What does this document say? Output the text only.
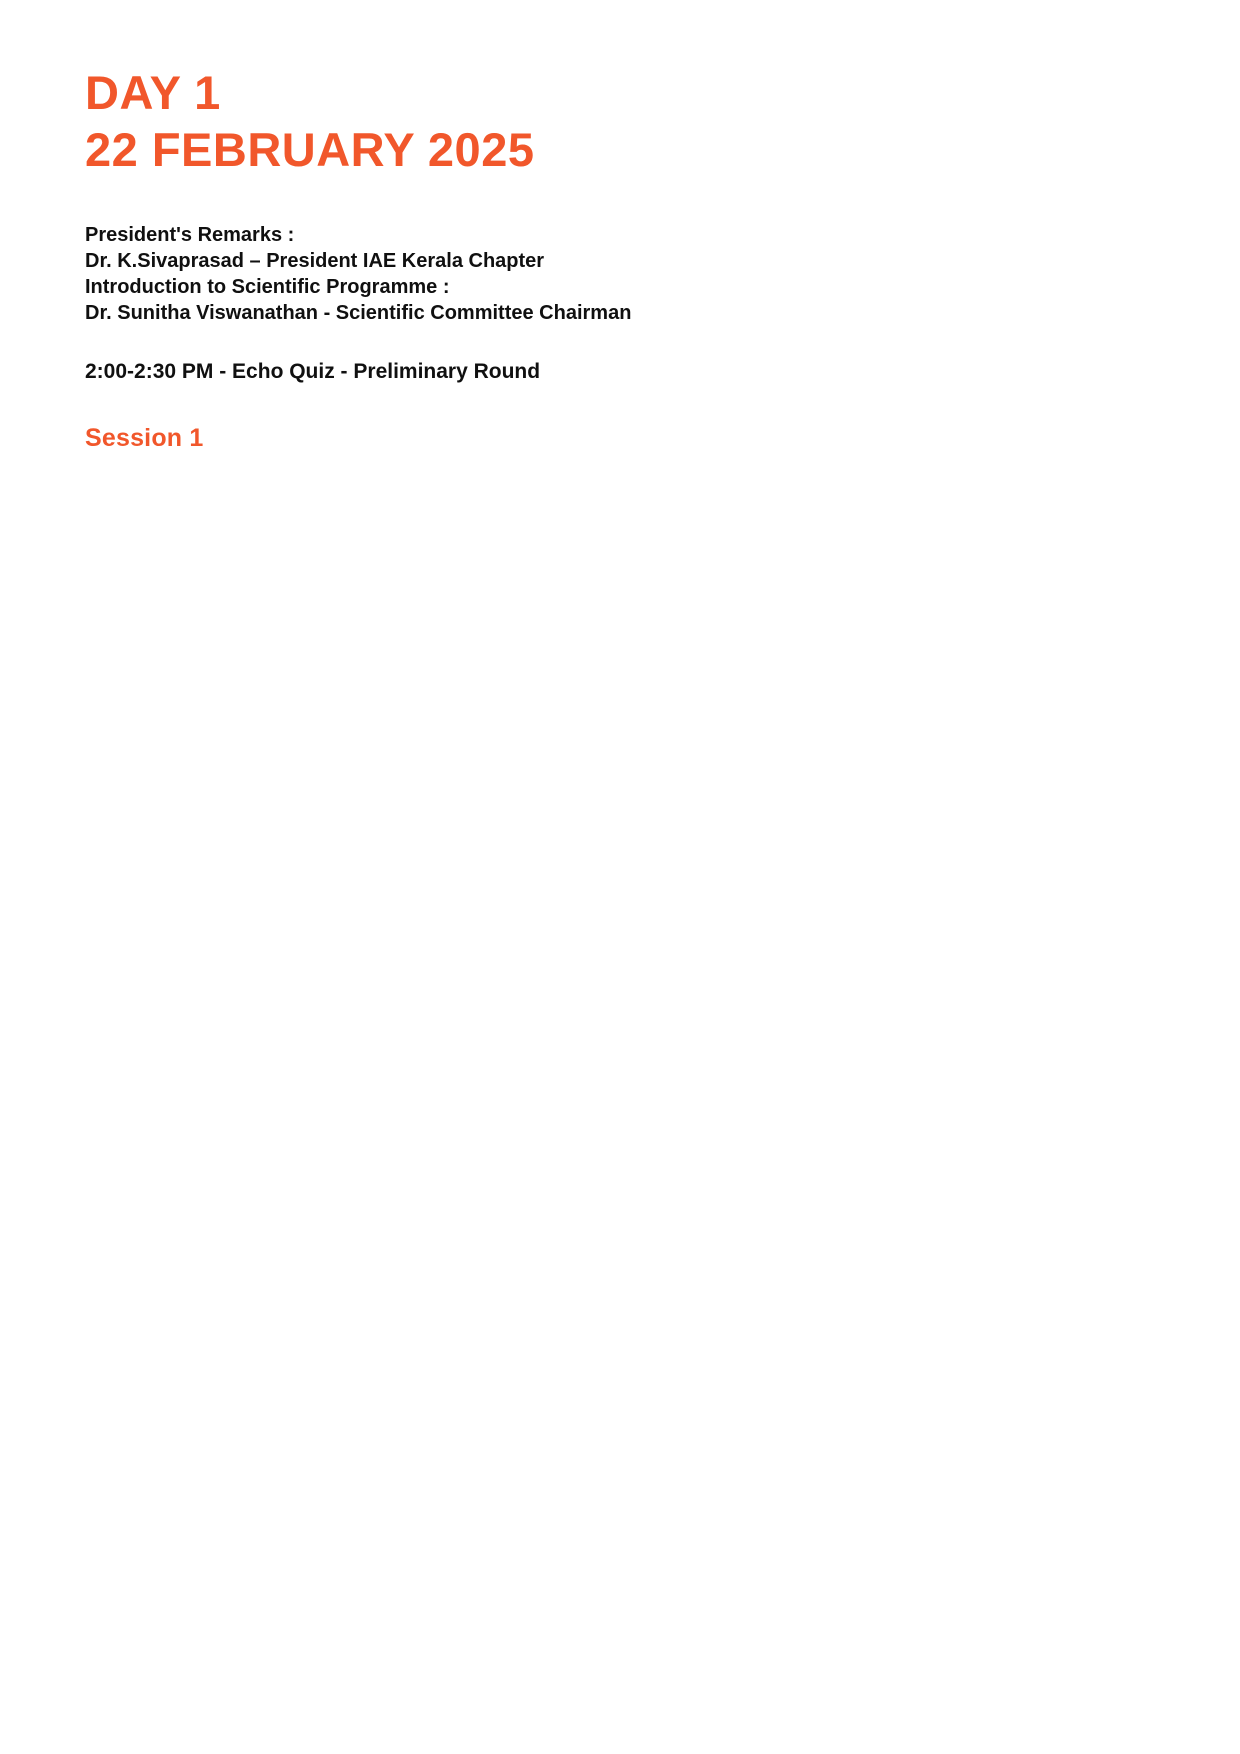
DAY 1
22 FEBRUARY 2025
President's Remarks :
Dr. K.Sivaprasad – President IAE Kerala Chapter
Introduction to Scientific Programme :
Dr. Sunitha Viswanathan - Scientific Committee Chairman
2:00-2:30 PM - Echo Quiz - Preliminary Round
Session 1
